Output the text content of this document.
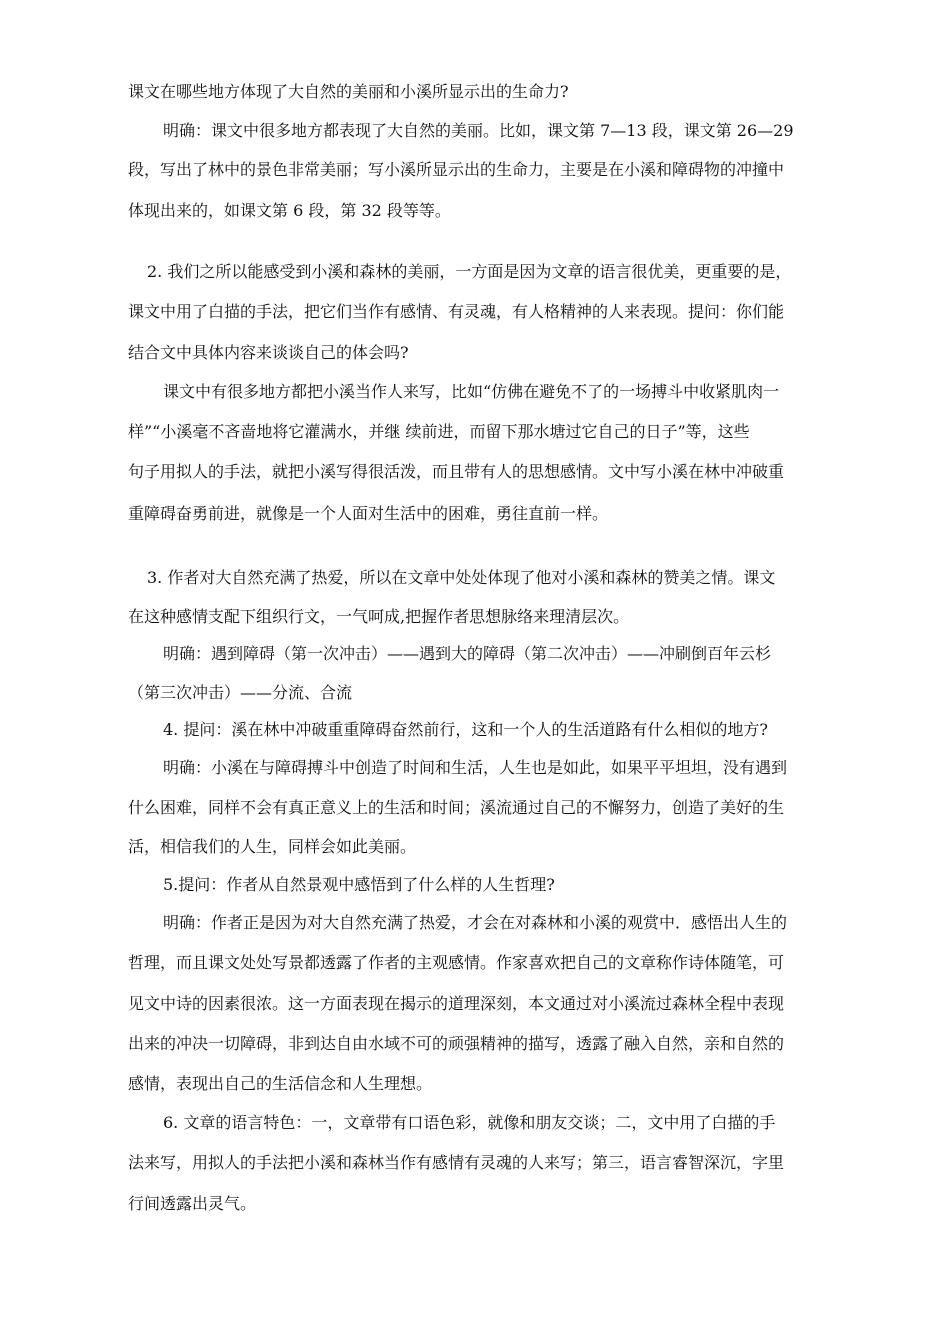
课文在哪些地方体现了大自然的美丽和小溪所显示出的生命力?
明确：课文中很多地方都表现了大自然的美丽。比如，课文第 7—13 段，课文第 26—29
段，写出了林中的景色非常美丽；写小溪所显示出的生命力，主要是在小溪和障碍物的冲撞中
体现出来的，如课文第 6 段，第 32 段等等。
2. 我们之所以能感受到小溪和森林的美丽，一方面是因为文章的语言很优美，更重要的是，
课文中用了白描的手法，把它们当作有感情、有灵魂，有人格精神的人来表现。提问：你们能
结合文中具体内容来谈谈自己的体会吗?
课文中有很多地方都把小溪当作人来写，比如“仿佛在避免不了的一场搏斗中收紧肌肉一
样”“小溪毫不吝啬地将它灌满水，并继 续前进，而留下那水塘过它自己的日子”等，这些
句子用拟人的手法，就把小溪写得很活泼，而且带有人的思想感情。文中写小溪在林中冲破重
重障碍奋勇前进，就像是一个人面对生活中的困难，勇往直前一样。
3. 作者对大自然充满了热爱，所以在文章中处处体现了他对小溪和森林的赞美之情。课文
在这种感情支配下组织行文，一气呵成,把握作者思想脉络来理清层次。
明确：遇到障碍（第一次冲击）——遇到大的障碍（第二次冲击）——冲刷倒百年云杉
（第三次冲击）——分流、合流
4. 提问：溪在林中冲破重重障碍奋然前行，这和一个人的生活道路有什么相似的地方?
明确：小溪在与障碍搏斗中创造了时间和生活，人生也是如此，如果平平坦坦，没有遇到
什么困难，同样不会有真正意义上的生活和时间；溪流通过自己的不懈努力，创造了美好的生
活，相信我们的人生，同样会如此美丽。
5.提问：作者从自然景观中感悟到了什么样的人生哲理?
明确：作者正是因为对大自然充满了热爱，才会在对森林和小溪的观赏中．感悟出人生的
哲理，而且课文处处写景都透露了作者的主观感情。作家喜欢把自己的文章称作诗体随笔，可
见文中诗的因素很浓。这一方面表现在揭示的道理深刻，本文通过对小溪流过森林全程中表现
出来的冲决一切障碍，非到达自由水域不可的顽强精神的描写，透露了融入自然，亲和自然的
感情，表现出自己的生活信念和人生理想。
6. 文章的语言特色：一，文章带有口语色彩，就像和朋友交谈；二，文中用了白描的手
法来写，用拟人的手法把小溪和森林当作有感情有灵魂的人来写；第三，语言睿智深沉，字里
行间透露出灵气。
